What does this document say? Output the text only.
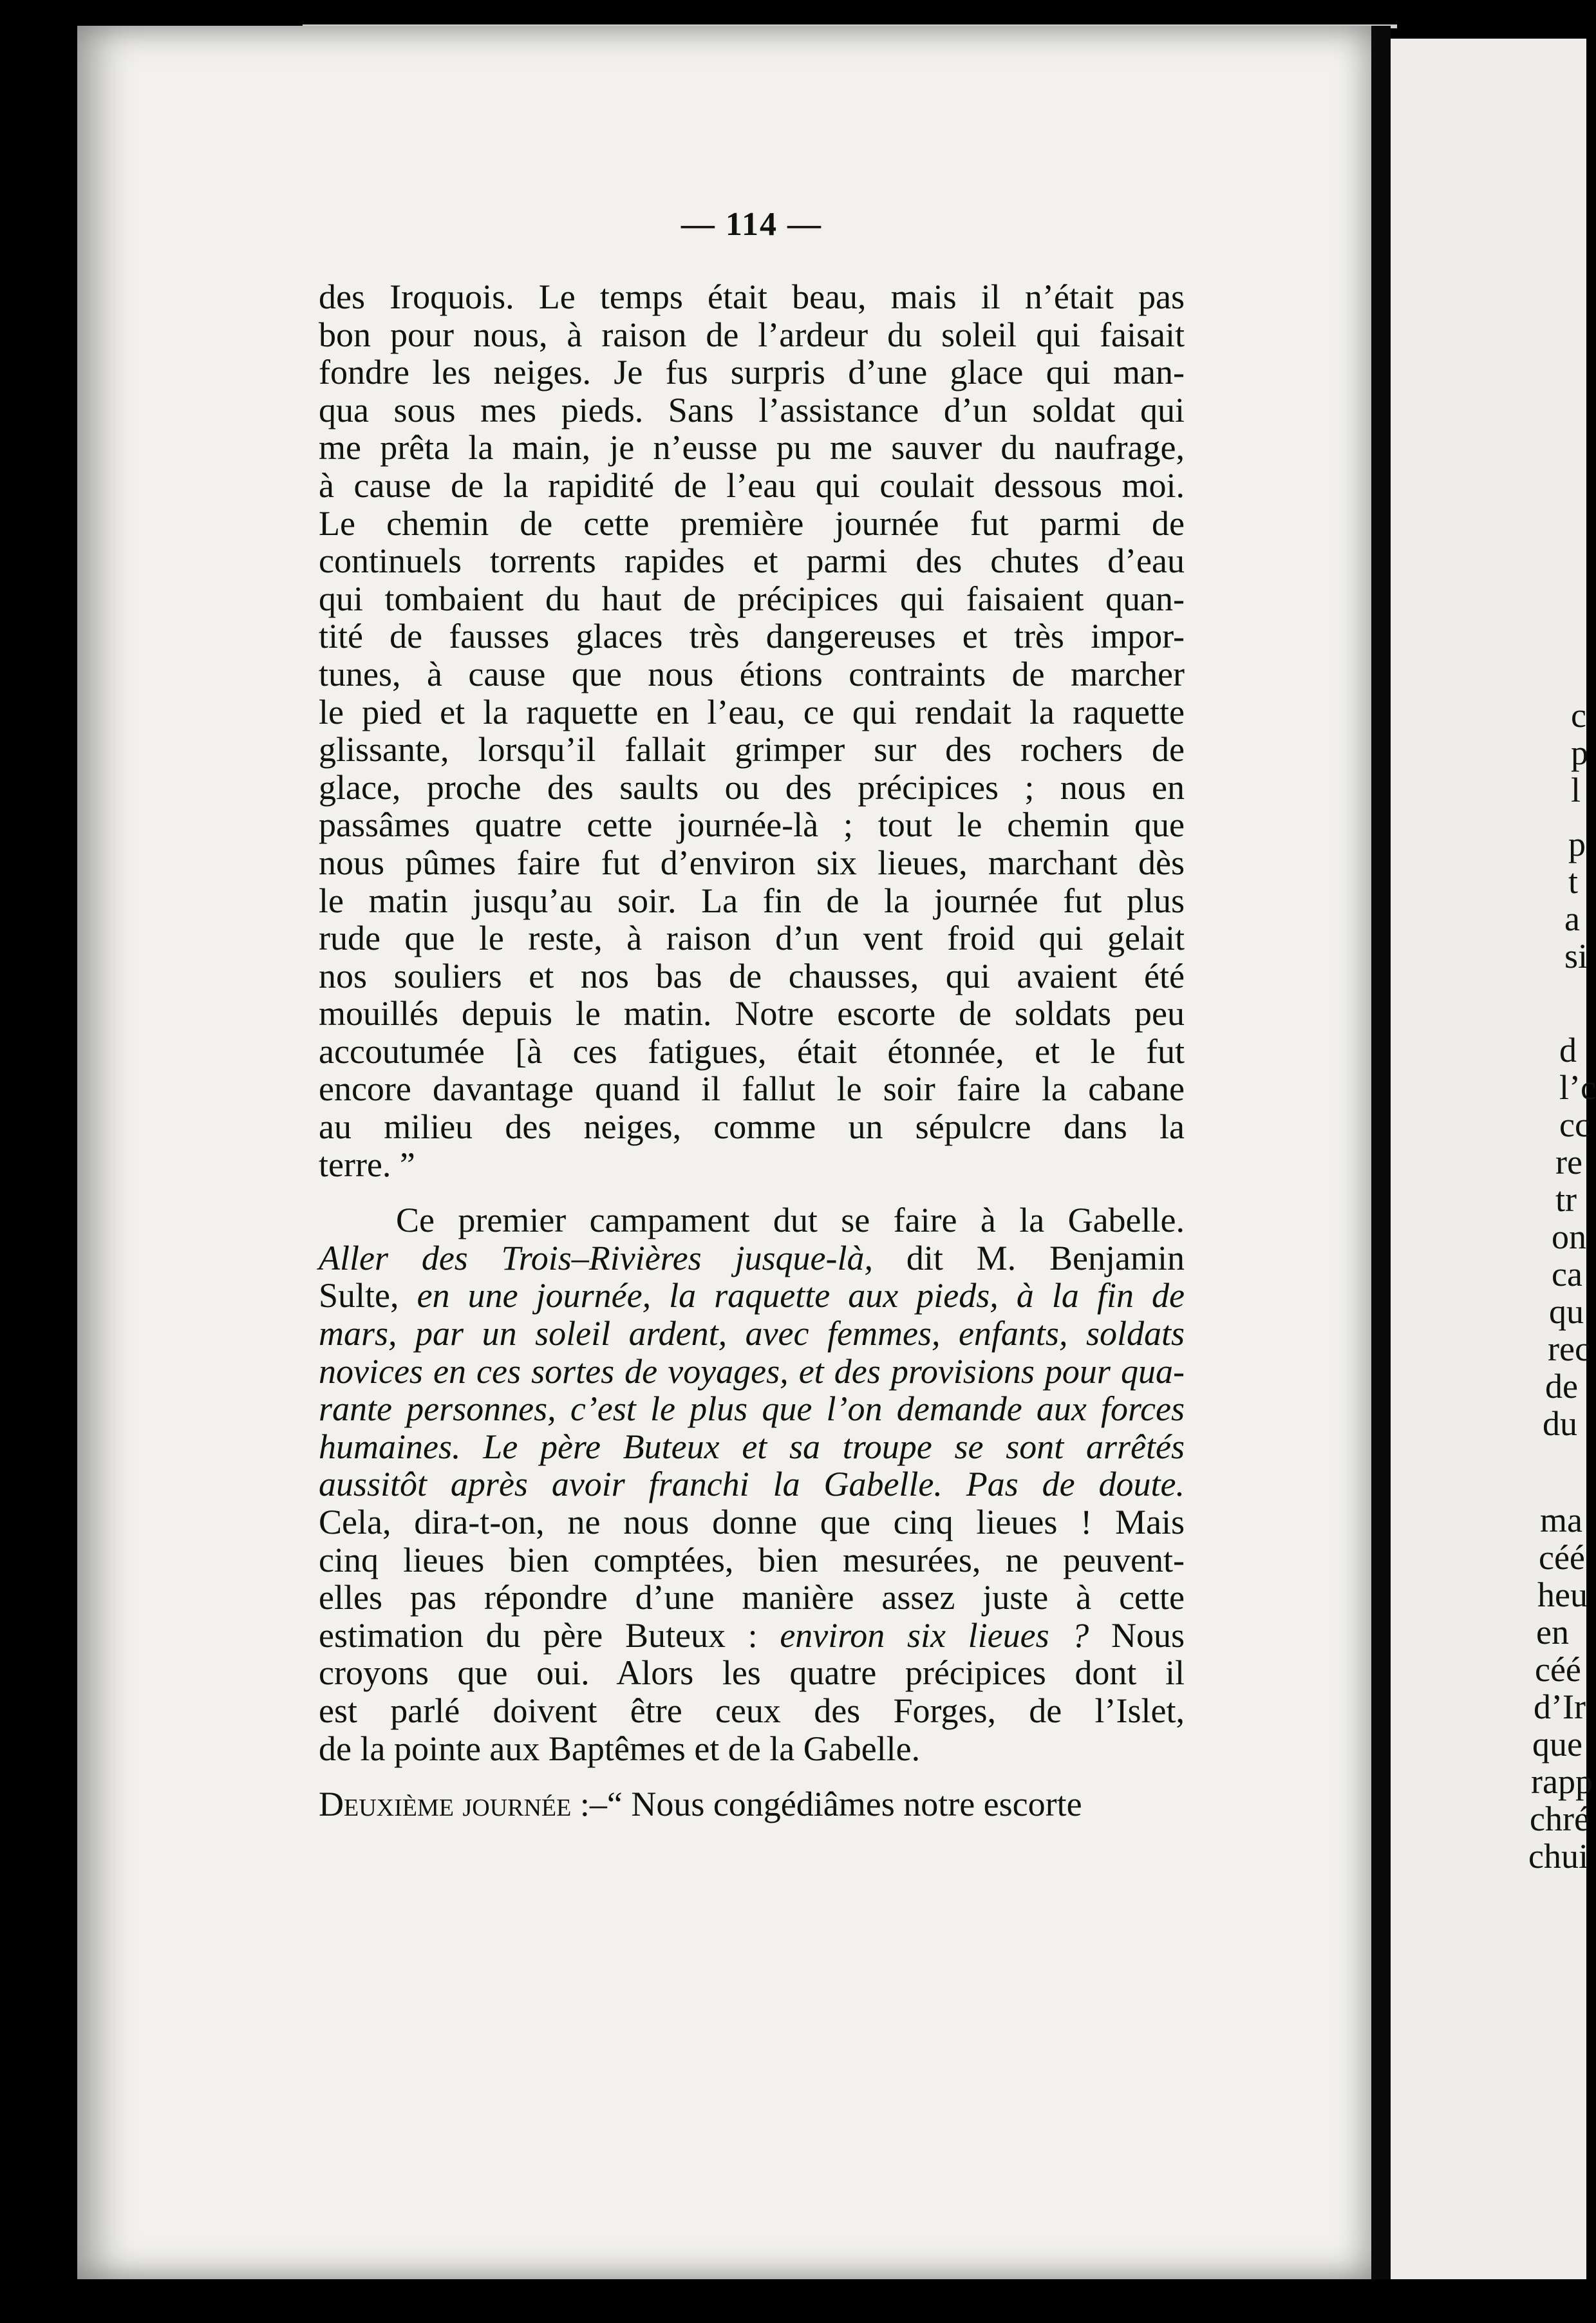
c
p
l
p
t
a
si
d
l’c
cc
re
tr
on
ca
qu
rec
de
du
ma
céé
heu
en
céé
d’Ir
que
rapp
chré
chui
— 114 —
des Iroquois. Le temps était beau, mais il n’était pas
bon pour nous, à raison de l’ardeur du soleil qui faisait
fondre les neiges. Je fus surpris d’une glace qui man-
qua sous mes pieds. Sans l’assistance d’un soldat qui
me prêta la main, je n’eusse pu me sauver du naufrage,
à cause de la rapidité de l’eau qui coulait dessous moi.
Le chemin de cette première journée fut parmi de
continuels torrents rapides et parmi des chutes d’eau
qui tombaient du haut de précipices qui faisaient quan-
tité de fausses glaces très dangereuses et très impor-
tunes, à cause que nous étions contraints de marcher
le pied et la raquette en l’eau, ce qui rendait la raquette
glissante, lorsqu’il fallait grimper sur des rochers de
glace, proche des saults ou des précipices ; nous en
passâmes quatre cette journée-là ; tout le chemin que
nous pûmes faire fut d’environ six lieues, marchant dès
le matin jusqu’au soir. La fin de la journée fut plus
rude que le reste, à raison d’un vent froid qui gelait
nos souliers et nos bas de chausses, qui avaient été
mouillés depuis le matin. Notre escorte de soldats peu
accoutumée [à ces fatigues, était étonnée, et le fut
encore davantage quand il fallut le soir faire la cabane
au milieu des neiges, comme un sépulcre dans la
terre. ”
Ce premier campament dut se faire à la Gabelle.
Aller des Trois–Rivières jusque-là, dit M. Benjamin
Sulte, en une journée, la raquette aux pieds, à la fin de
mars, par un soleil ardent, avec femmes, enfants, soldats
novices en ces sortes de voyages, et des provisions pour qua-
rante personnes, c’est le plus que l’on demande aux forces
humaines. Le père Buteux et sa troupe se sont arrêtés
aussitôt après avoir franchi la Gabelle. Pas de doute.
Cela, dira-t-on, ne nous donne que cinq lieues ! Mais
cinq lieues bien comptées, bien mesurées, ne peuvent-
elles pas répondre d’une manière assez juste à cette
estimation du père Buteux : environ six lieues ? Nous
croyons que oui. Alors les quatre précipices dont il
est parlé doivent être ceux des Forges, de l’Islet,
de la pointe aux Baptêmes et de la Gabelle.
Deuxième journée :–“ Nous congédiâmes notre escorte
